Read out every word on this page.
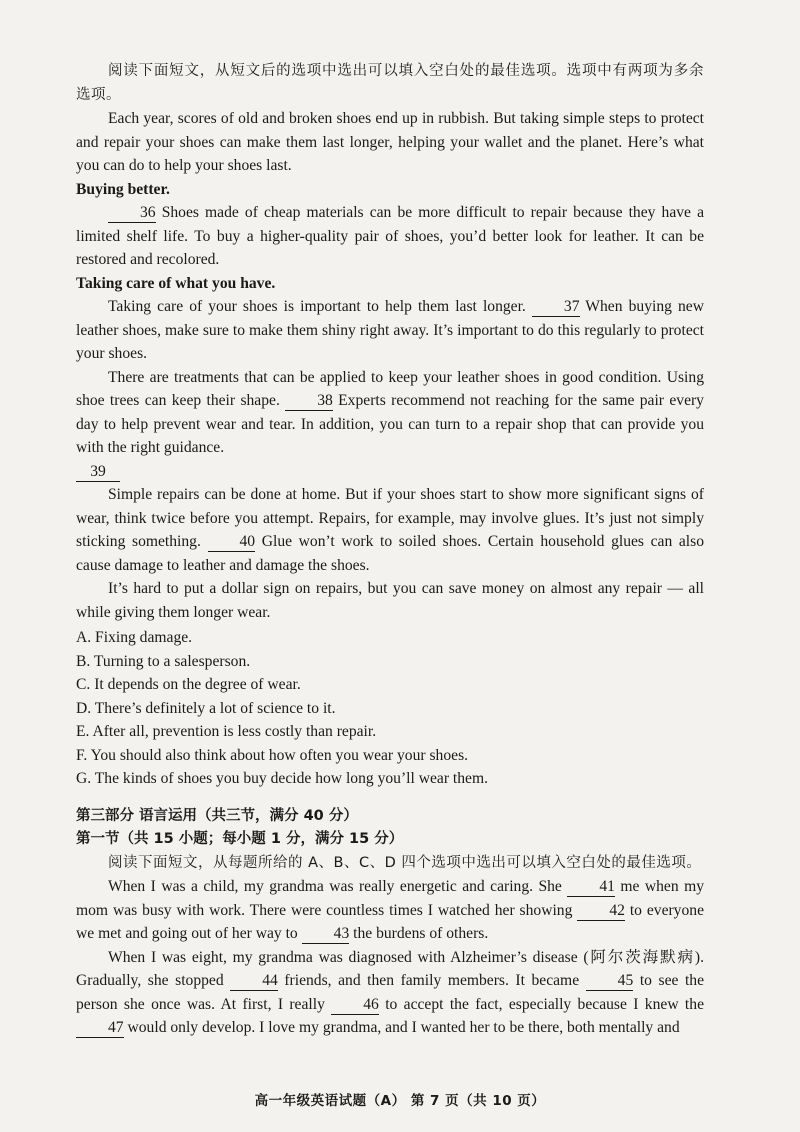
阅读下面短文，从短文后的选项中选出可以填入空白处的最佳选项。选项中有两项为多余选项。

Each year, scores of old and broken shoes end up in rubbish. But taking simple steps to protect and repair your shoes can make them last longer, helping your wallet and the planet. Here’s what you can do to help your shoes last.

Buying better.

36 Shoes made of cheap materials can be more difficult to repair because they have a limited shelf life. To buy a higher-quality pair of shoes, you’d better look for leather. It can be restored and recolored.

Taking care of what you have.

Taking care of your shoes is important to help them last longer. 37 When buying new leather shoes, make sure to make them shiny right away. It’s important to do this regularly to protect your shoes.

There are treatments that can be applied to keep your leather shoes in good condition. Using shoe trees can keep their shape. 38 Experts recommend not reaching for the same pair every day to help prevent wear and tear. In addition, you can turn to a repair shop that can provide you with the right guidance.

39

Simple repairs can be done at home. But if your shoes start to show more significant signs of wear, think twice before you attempt. Repairs, for example, may involve glues. It’s just not simply sticking something. 40 Glue won’t work to soiled shoes. Certain household glues can also cause damage to leather and damage the shoes.

It’s hard to put a dollar sign on repairs, but you can save money on almost any repair — all while giving them longer wear.

A. Fixing damage.
B. Turning to a salesperson.
C. It depends on the degree of wear.
D. There’s definitely a lot of science to it.
E. After all, prevention is less costly than repair.
F. You should also think about how often you wear your shoes.
G. The kinds of shoes you buy decide how long you’ll wear them.

第三部分 语言运用（共三节，满分 40 分）

第一节（共 15 小题；每小题 1 分，满分 15 分）

阅读下面短文，从每题所给的 A、B、C、D 四个选项中选出可以填入空白处的最佳选项。

When I was a child, my grandma was really energetic and caring. She 41 me when my mom was busy with work. There were countless times I watched her showing 42 to everyone we met and going out of her way to 43 the burdens of others.

When I was eight, my grandma was diagnosed with Alzheimer’s disease (阿尔茨海默病). Gradually, she stopped 44 friends, and then family members. It became 45 to see the person she once was. At first, I really 46 to accept the fact, especially because I knew the 47 would only develop. I love my grandma, and I wanted her to be there, both mentally and

高一年级英语试题（A） 第 7 页（共 10 页）
